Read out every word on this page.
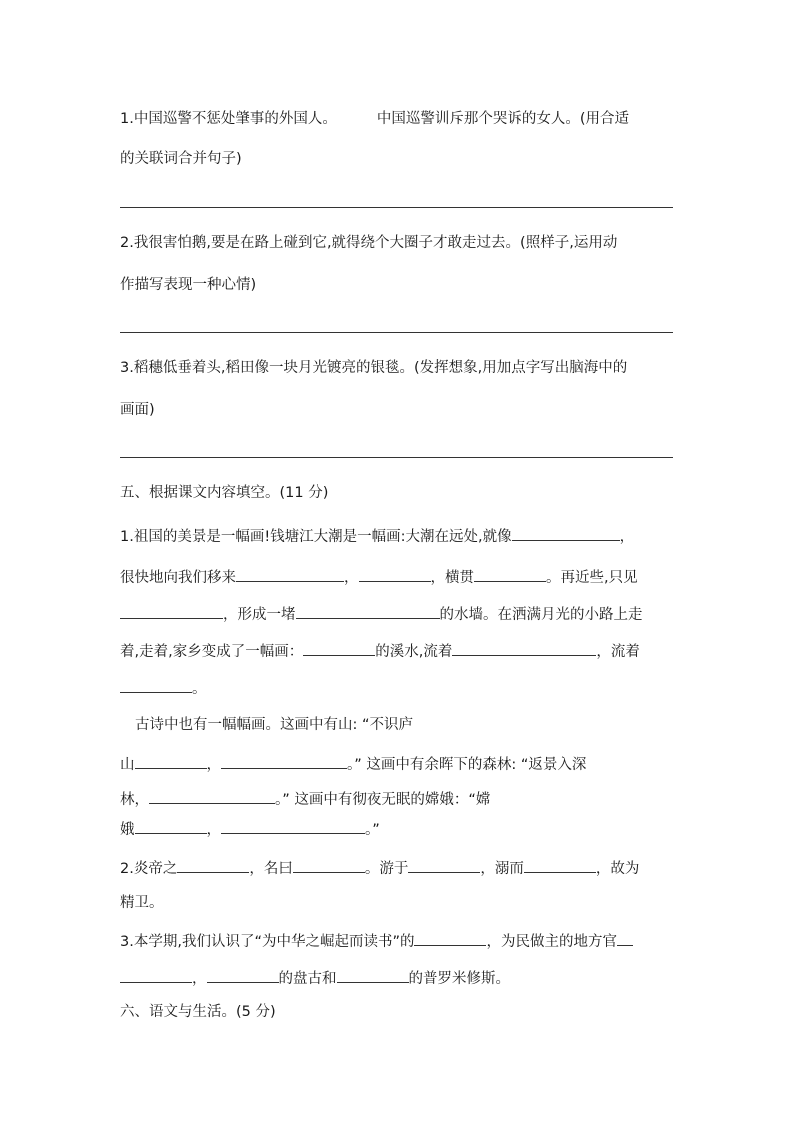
1.中国巡警不惩处肇事的外国人。	中国巡警训斥那个哭诉的女人。(用合适
的关联词合并句子)
2.我很害怕鹅,要是在路上碰到它,就得绕个大圈子才敢走过去。(照样子,运用动
作描写表现一种心情)
3.稻穗低垂着头,稻田像一块月光镀亮的银毯。(发挥想象,用加点字写出脑海中的
画面)
五、根据课文内容填空。(11 分)
1.祖国的美景是一幅画!钱塘江大潮是一幅画:大潮在远处,就像	，
很快地向我们移来	，	，横贯	。再近些,只见
，形成一堵	的水墙。在洒满月光的小路上走
着,走着,家乡变成了一幅画：	的溪水,流着	，流着
。
古诗中也有一幅幅画。这画中有山: “不识庐
山	，	。” 这画中有余晖下的森林: “返景入深
林，	。” 这画中有彻夜无眠的嫦娥：“嫦
娥	，	。”
2.炎帝之	，名曰	。游于	，溺而	，故为
精卫。
3.本学期,我们认识了“为中华之崛起而读书”的	，为民做主的地方官
，	的盘古和	的普罗米修斯。
六、语文与生活。(5 分)
